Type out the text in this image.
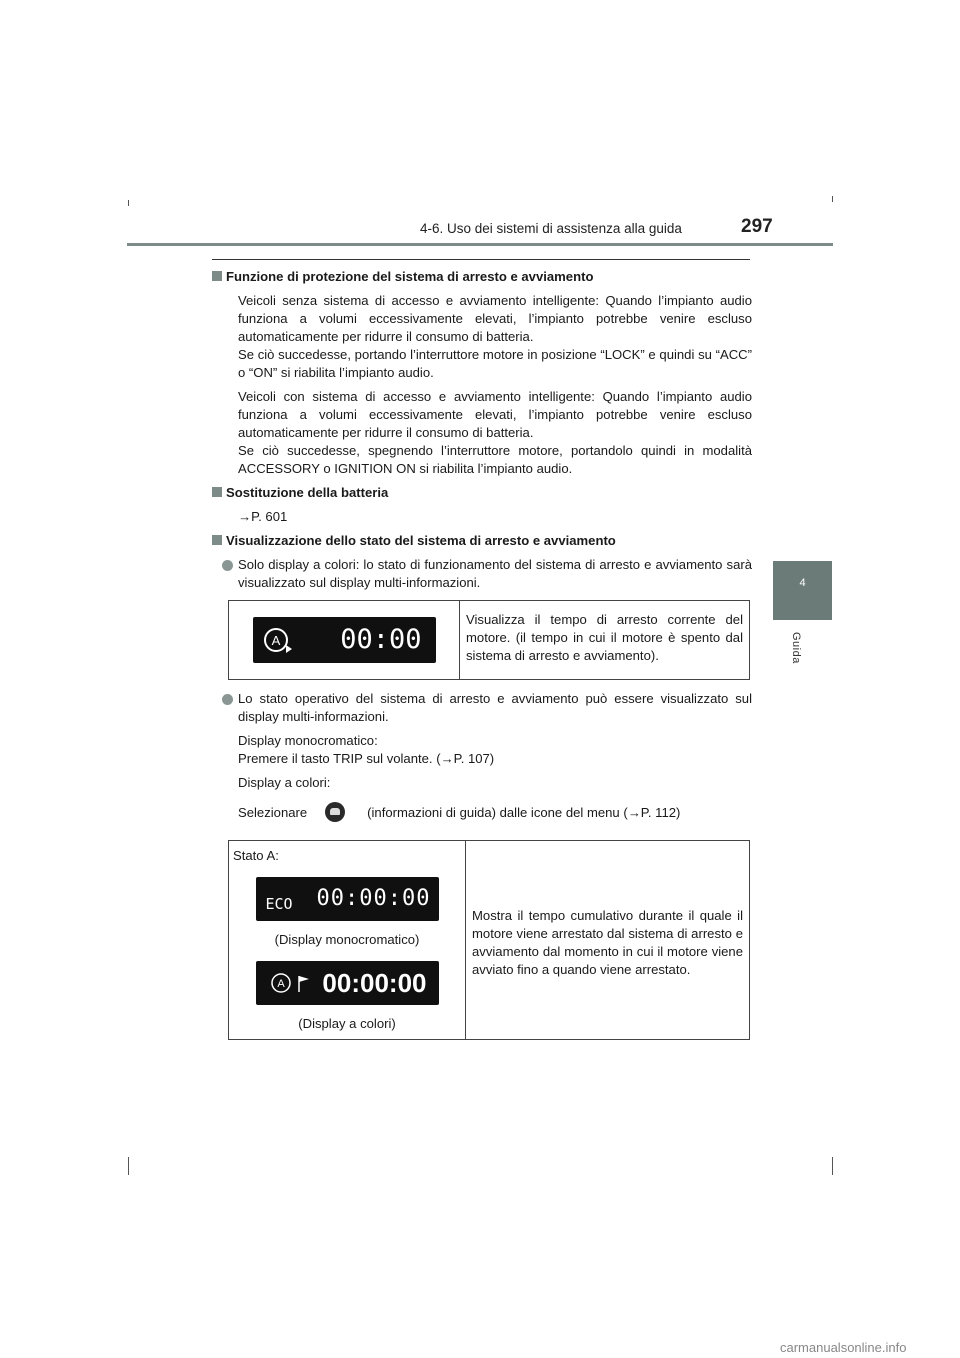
4-6. Uso dei sistemi di assistenza alla guida	297
4
Guida

Funzione di protezione del sistema di arresto e avviamento

Veicoli senza sistema di accesso e avviamento intelligente: Quando l’impianto audio funziona a volumi eccessivamente elevati, l’impianto potrebbe venire escluso automaticamente per ridurre il consumo di batteria.
Se ciò succedesse, portando l’interruttore motore in posizione “LOCK” e quindi su “ACC” o “ON” si riabilita l’impianto audio.

Veicoli con sistema di accesso e avviamento intelligente: Quando l’impianto audio funziona a volumi eccessivamente elevati, l’impianto potrebbe venire escluso automaticamente per ridurre il consumo di batteria.
Se ciò succedesse, spegnendo l’interruttore motore, portandolo quindi in modalità ACCESSORY o IGNITION ON si riabilita l’impianto audio.

Sostituzione della batteria

→P. 601

Visualizzazione dello stato del sistema di arresto e avviamento

Solo display a colori: lo stato di funzionamento del sistema di arresto e avviamento sarà visualizzato sul display multi-informazioni.
A 00:00
	Visualizza il tempo di arresto corrente del motore. (il tempo in cui il motore è spento dal sistema di arresto e avviamento).
Lo stato operativo del sistema di arresto e avviamento può essere visualizzato sul display multi-informazioni.

Display monocromatico:
Premere il tasto TRIP sul volante. (→P. 107)

Display a colori:

Selezionare	(informazioni di guida) dalle icone del menu (→P. 112)

Stato A:
ECO 00:00:00
(Display monocromatico)
A 00:00:00
(Display a colori)
	Mostra il tempo cumulativo durante il quale il motore viene arrestato dal sistema di arresto e avviamento dal momento in cui il motore viene avviato fino a quando viene arrestato.
carmanualsonline.info
